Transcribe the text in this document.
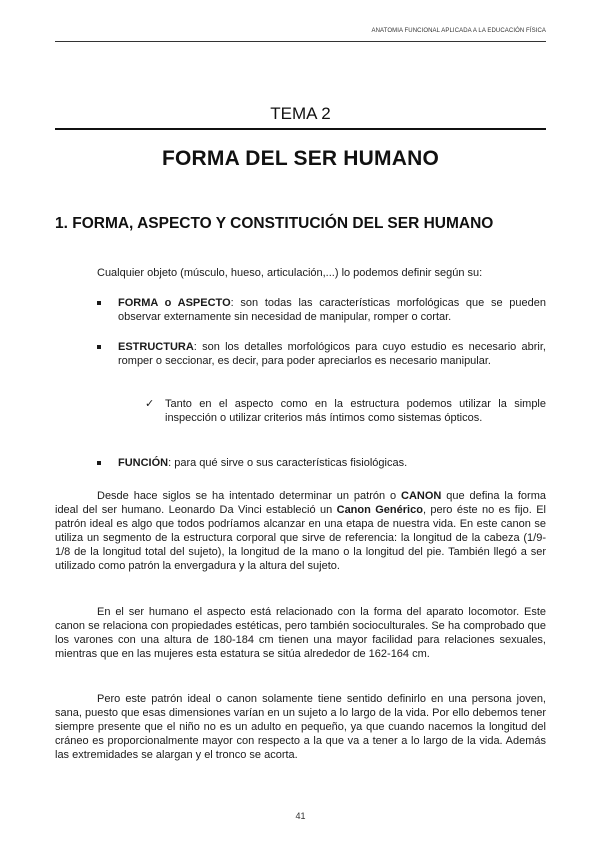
ANATOMIA FUNCIONAL APLICADA A LA EDUCACIÓN FÍSICA
TEMA 2
FORMA DEL SER HUMANO
1. FORMA, ASPECTO Y CONSTITUCIÓN DEL SER HUMANO
Cualquier objeto (músculo, hueso, articulación,...) lo podemos definir según su:
FORMA o ASPECTO: son todas las características morfológicas que se pueden observar externamente sin necesidad de manipular, romper o cortar.
ESTRUCTURA: son los detalles morfológicos para cuyo estudio es necesario abrir, romper o seccionar, es decir, para poder apreciarlos es necesario manipular.
✓ Tanto en el aspecto como en la estructura podemos utilizar la simple inspección o utilizar criterios más íntimos como sistemas ópticos.
FUNCIÓN: para qué sirve o sus características fisiológicas.
Desde hace siglos se ha intentado determinar un patrón o CANON que defina la forma ideal del ser humano. Leonardo Da Vinci estableció un Canon Genérico, pero éste no es fijo. El patrón ideal es algo que todos podríamos alcanzar en una etapa de nuestra vida. En este canon se utiliza un segmento de la estructura corporal que sirve de referencia: la longitud de la cabeza (1/9-1/8 de la longitud total del sujeto), la longitud de la mano o la longitud del pie. También llegó a ser utilizado como patrón la envergadura y la altura del sujeto.
En el ser humano el aspecto está relacionado con la forma del aparato locomotor. Este canon se relaciona con propiedades estéticas, pero también socioculturales. Se ha comprobado que los varones con una altura de 180-184 cm tienen una mayor facilidad para relaciones sexuales, mientras que en las mujeres esta estatura se sitúa alrededor de 162-164 cm.
Pero este patrón ideal o canon solamente tiene sentido definirlo en una persona joven, sana, puesto que esas dimensiones varían en un sujeto a lo largo de la vida. Por ello debemos tener siempre presente que el niño no es un adulto en pequeño, ya que cuando nacemos la longitud del cráneo es proporcionalmente mayor con respecto a la que va a tener a lo largo de la vida. Además las extremidades se alargan y el tronco se acorta.
41
